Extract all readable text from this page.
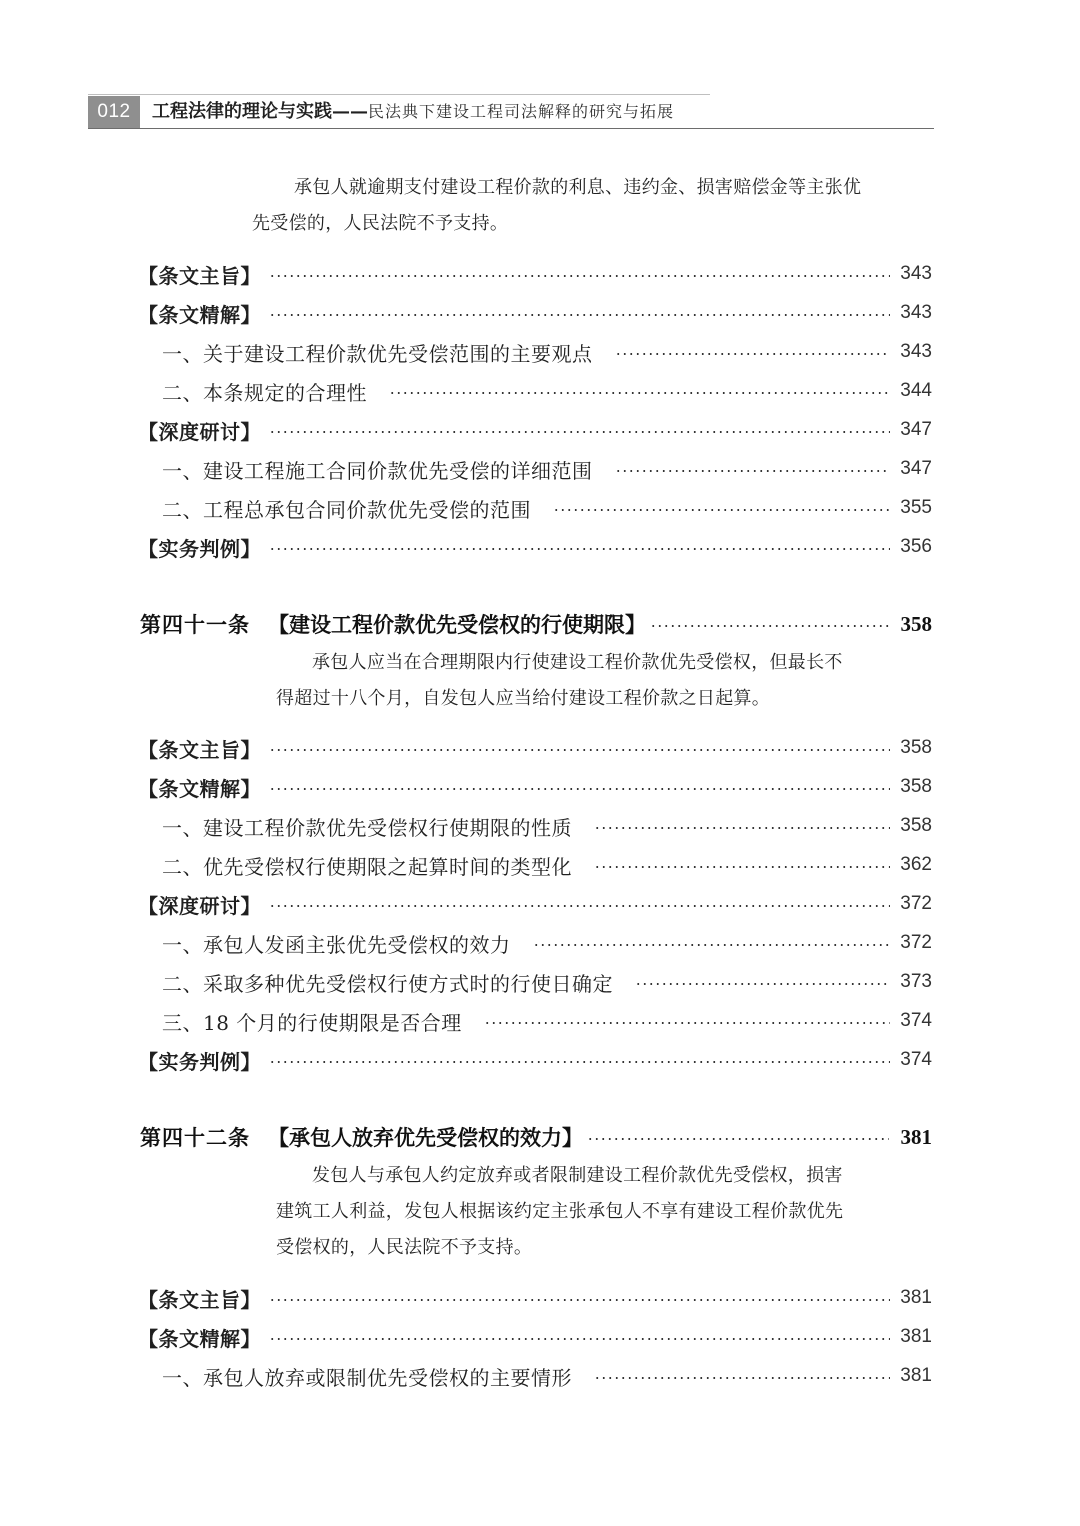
012	工程法律的理论与实践——民法典下建设工程司法解释的研究与拓展

承包人就逾期支付建设工程价款的利息、违约金、损害赔偿金等主张优

先受偿的，人民法院不予支持。

【条文主旨】	343
【条文精解】	343
一、关于建设工程价款优先受偿范围的主要观点	343
二、本条规定的合理性	344
【深度研讨】	347
一、建设工程施工合同价款优先受偿的详细范围	347
二、工程总承包合同价款优先受偿的范围	355
【实务判例】	356
第四十一条 【建设工程价款优先受偿权的行使期限】	358

承包人应当在合理期限内行使建设工程价款优先受偿权，但最长不

得超过十八个月，自发包人应当给付建设工程价款之日起算。

【条文主旨】	358
【条文精解】	358
一、建设工程价款优先受偿权行使期限的性质	358
二、优先受偿权行使期限之起算时间的类型化	362
【深度研讨】	372
一、承包人发函主张优先受偿权的效力	372
二、采取多种优先受偿权行使方式时的行使日确定	373
三、18 个月的行使期限是否合理	374
【实务判例】	374
第四十二条 【承包人放弃优先受偿权的效力】	381

发包人与承包人约定放弃或者限制建设工程价款优先受偿权，损害

建筑工人利益，发包人根据该约定主张承包人不享有建设工程价款优先

受偿权的，人民法院不予支持。

【条文主旨】	381
【条文精解】	381
一、承包人放弃或限制优先受偿权的主要情形	381
